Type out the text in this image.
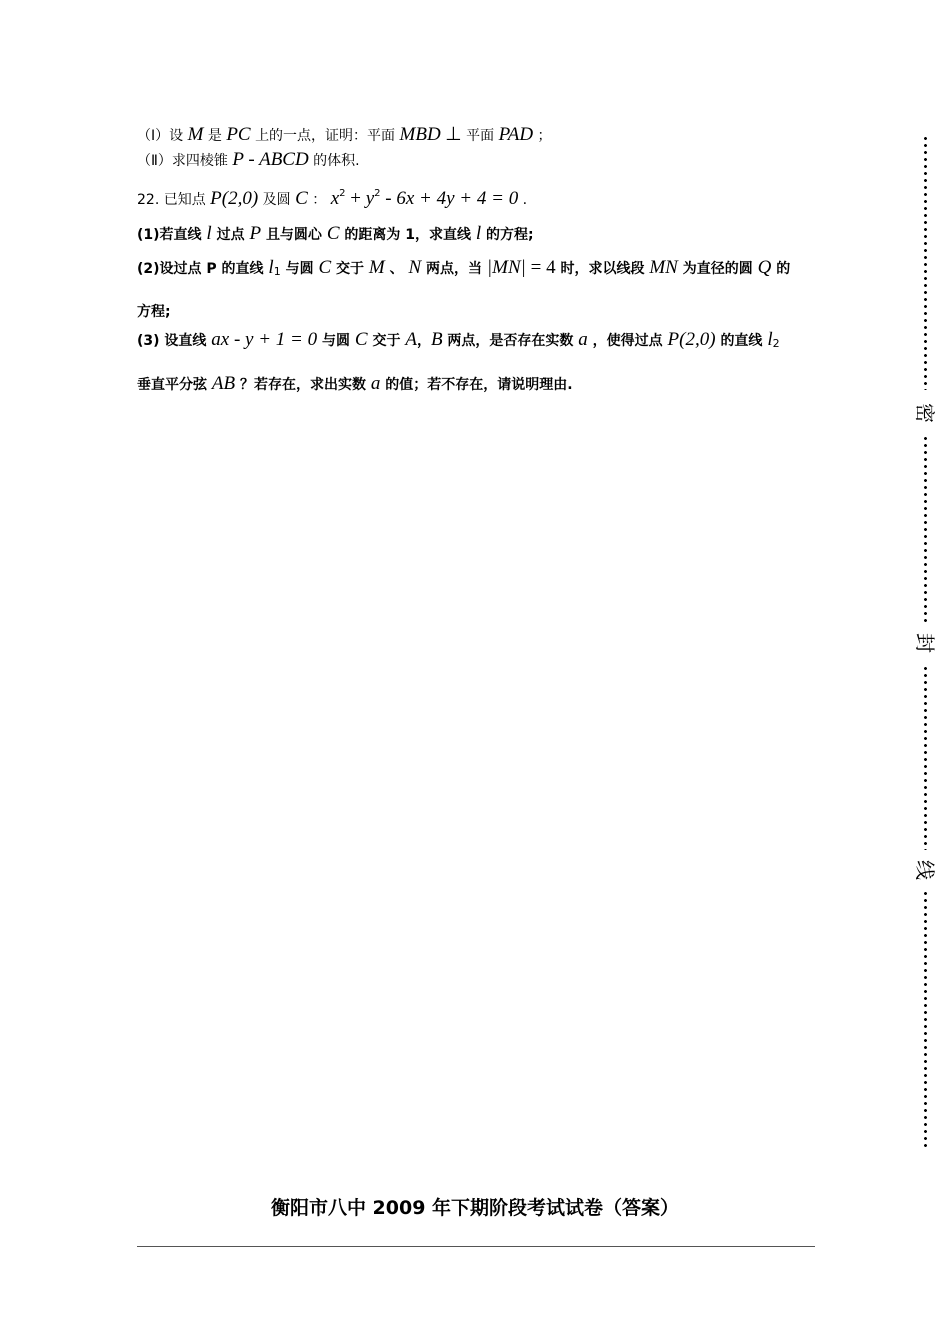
（Ⅰ）设 M 是 PC 上的一点，证明：平面 MBD ⊥ 平面 PAD ；
（Ⅱ）求四棱锥 P - ABCD 的体积.
22. 已知点 P(2,0) 及圆 C ： $x^2 + y^2 - 6x + 4y + 4 = 0$ .
(1)若直线 l 过点 P 且与圆心 C 的距离为 1，求直线 l 的方程;
(2)设过点 P 的直线 l1 与圆 C 交于 M 、 N 两点，当 |MN| = 4 时，求以线段 MN 为直径的圆 Q 的
方程;
(3) 设直线 ax - y + 1 = 0 与圆 C 交于 A，B 两点，是否存在实数 a ，使得过点 P(2,0) 的直线 l2
垂直平分弦 AB ？若存在，求出实数 a 的值；若不存在，请说明理由.
密
封
线
衡阳市八中 2009 年下期阶段考试试卷（答案）
